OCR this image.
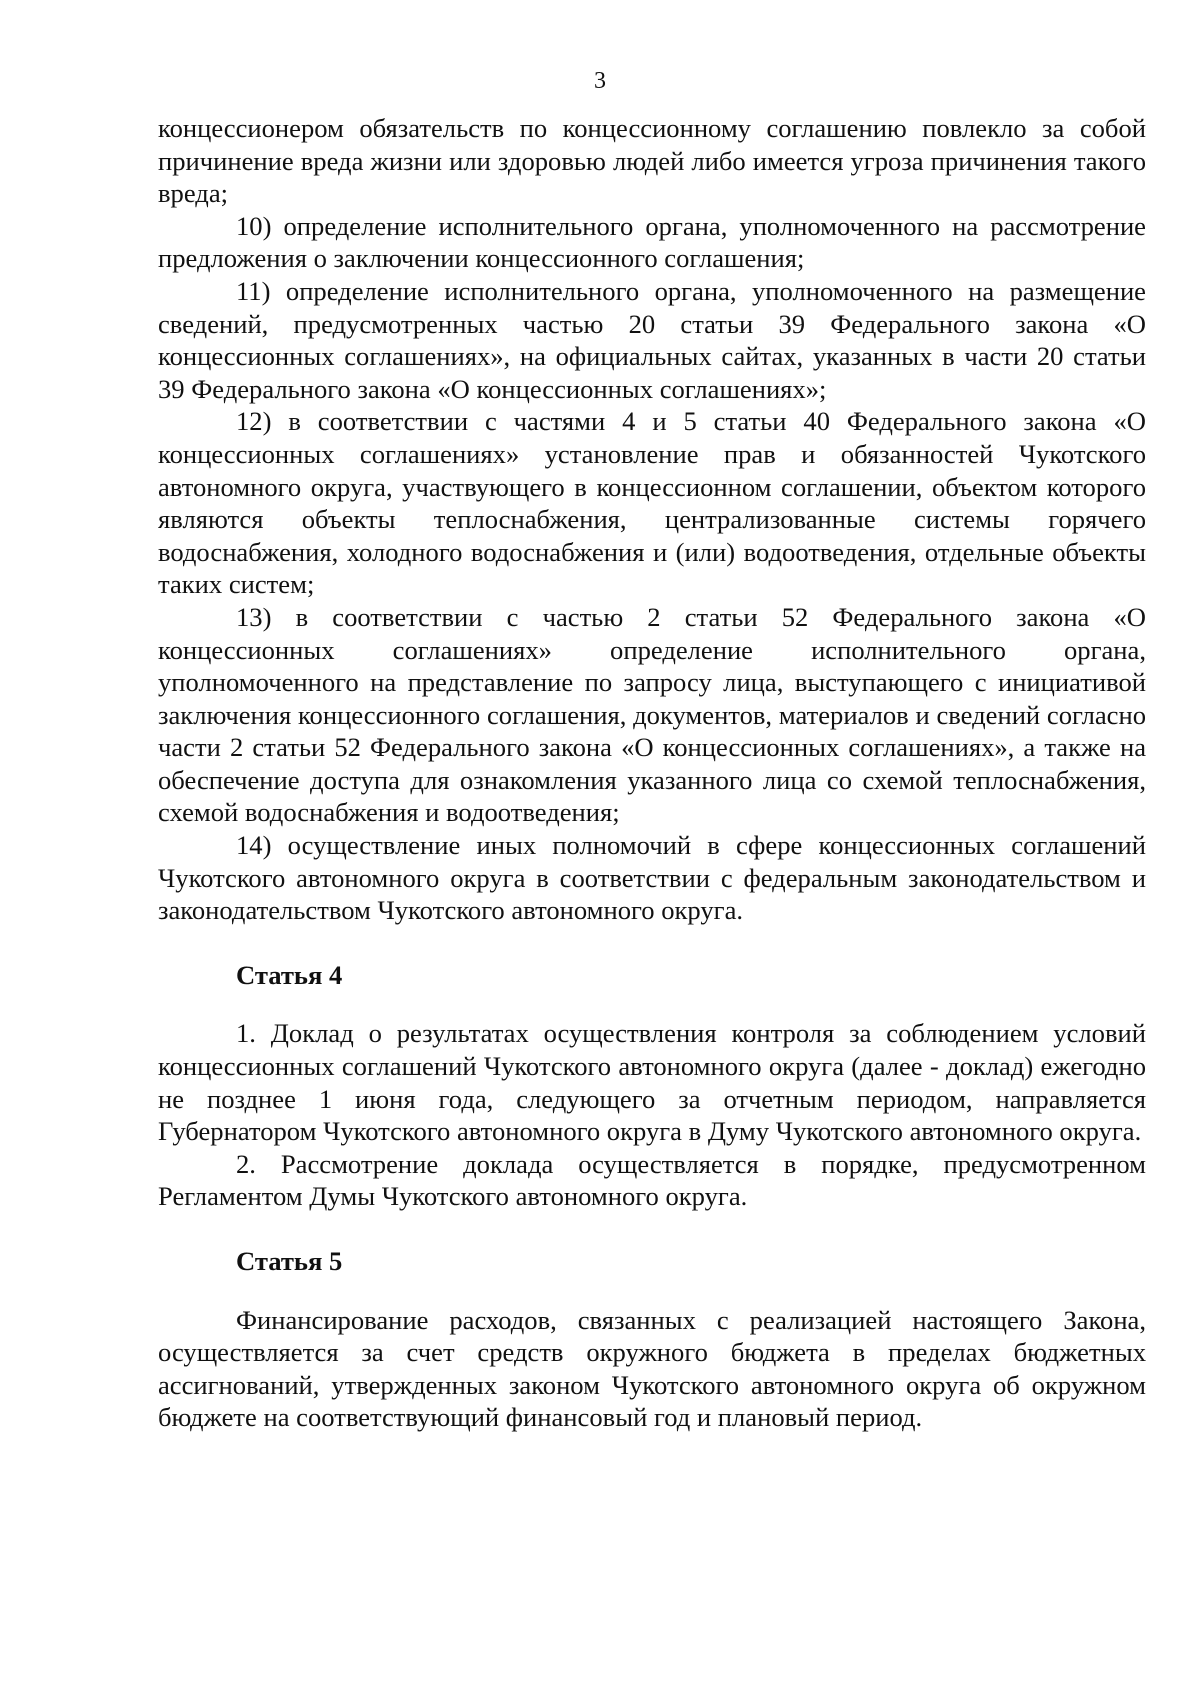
3

концессионером обязательств по концессионному соглашению повлекло за собой причинение вреда жизни или здоровью людей либо имеется угроза причинения такого вреда;

10) определение исполнительного органа, уполномоченного на рассмотрение предложения о заключении концессионного соглашения;

11) определение исполнительного органа, уполномоченного на размещение сведений, предусмотренных частью 20 статьи 39 Федерального закона «О концессионных соглашениях», на официальных сайтах, указанных в части 20 статьи 39 Федерального закона «О концессионных соглашениях»;

12) в соответствии с частями 4 и 5 статьи 40 Федерального закона «О концессионных соглашениях» установление прав и обязанностей Чукотского автономного округа, участвующего в концессионном соглашении, объектом которого являются объекты теплоснабжения, централизованные системы горячего водоснабжения, холодного водоснабжения и (или) водоотведения, отдельные объекты таких систем;

13) в соответствии с частью 2 статьи 52 Федерального закона «О концессионных соглашениях» определение исполнительного органа, уполномоченного на представление по запросу лица, выступающего с инициативой заключения концессионного соглашения, документов, материалов и сведений согласно части 2 статьи 52 Федерального закона «О концессионных соглашениях», а также на обеспечение доступа для ознакомления указанного лица со схемой теплоснабжения, схемой водоснабжения и водоотведения;

14) осуществление иных полномочий в сфере концессионных соглашений Чукотского автономного округа в соответствии с федеральным законодательством и законодательством Чукотского автономного округа.

Статья 4

1. Доклад о результатах осуществления контроля за соблюдением условий концессионных соглашений Чукотского автономного округа (далее - доклад) ежегодно не позднее 1 июня года, следующего за отчетным периодом, направляется Губернатором Чукотского автономного округа в Думу Чукотского автономного округа.

2. Рассмотрение доклада осуществляется в порядке, предусмотренном Регламентом Думы Чукотского автономного округа.

Статья 5

Финансирование расходов, связанных с реализацией настоящего Закона, осуществляется за счет средств окружного бюджета в пределах бюджетных ассигнований, утвержденных законом Чукотского автономного округа об окружном бюджете на соответствующий финансовый год и плановый период.
